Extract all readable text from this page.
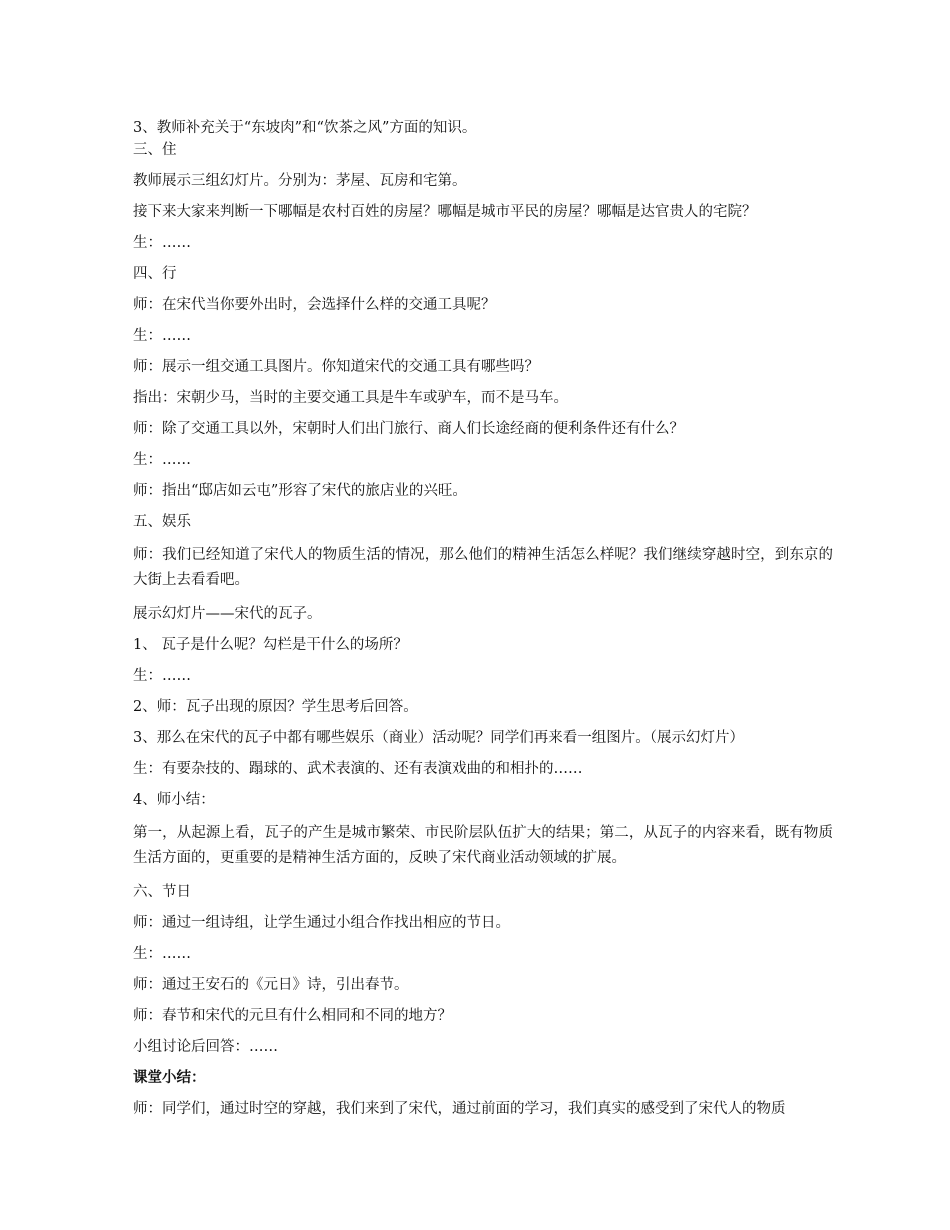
3、教师补充关于“东坡肉”和“饮茶之风”方面的知识。

三、住

教师展示三组幻灯片。分别为：茅屋、瓦房和宅第。

接下来大家来判断一下哪幅是农村百姓的房屋？哪幅是城市平民的房屋？哪幅是达官贵人的宅院？

生：……

四、行

师：在宋代当你要外出时，会选择什么样的交通工具呢？

生：……

师：展示一组交通工具图片。你知道宋代的交通工具有哪些吗？

指出：宋朝少马，当时的主要交通工具是牛车或驴车，而不是马车。

师：除了交通工具以外，宋朝时人们出门旅行、商人们长途经商的便利条件还有什么？

生：……

师：指出“邸店如云屯”形容了宋代的旅店业的兴旺。

五、娱乐

师：我们已经知道了宋代人的物质生活的情况，那么他们的精神生活怎么样呢？我们继续穿越时空，到东京的大街上去看看吧。

展示幻灯片——宋代的瓦子。

1、 瓦子是什么呢？勾栏是干什么的场所？

生：……

2、师：瓦子出现的原因？学生思考后回答。

3、那么在宋代的瓦子中都有哪些娱乐（商业）活动呢？同学们再来看一组图片。（展示幻灯片）

生：有要杂技的、蹋球的、武术表演的、还有表演戏曲的和相扑的……

4、师小结：

第一，从起源上看，瓦子的产生是城市繁荣、市民阶层队伍扩大的结果；第二，从瓦子的内容来看，既有物质生活方面的，更重要的是精神生活方面的，反映了宋代商业活动领域的扩展。

六、节日

师：通过一组诗组，让学生通过小组合作找出相应的节日。

生：……

师：通过王安石的《元日》诗，引出春节。

师：春节和宋代的元旦有什么相同和不同的地方？

小组讨论后回答：……

课堂小结：

师：同学们，通过时空的穿越，我们来到了宋代，通过前面的学习，我们真实的感受到了宋代人的物质
